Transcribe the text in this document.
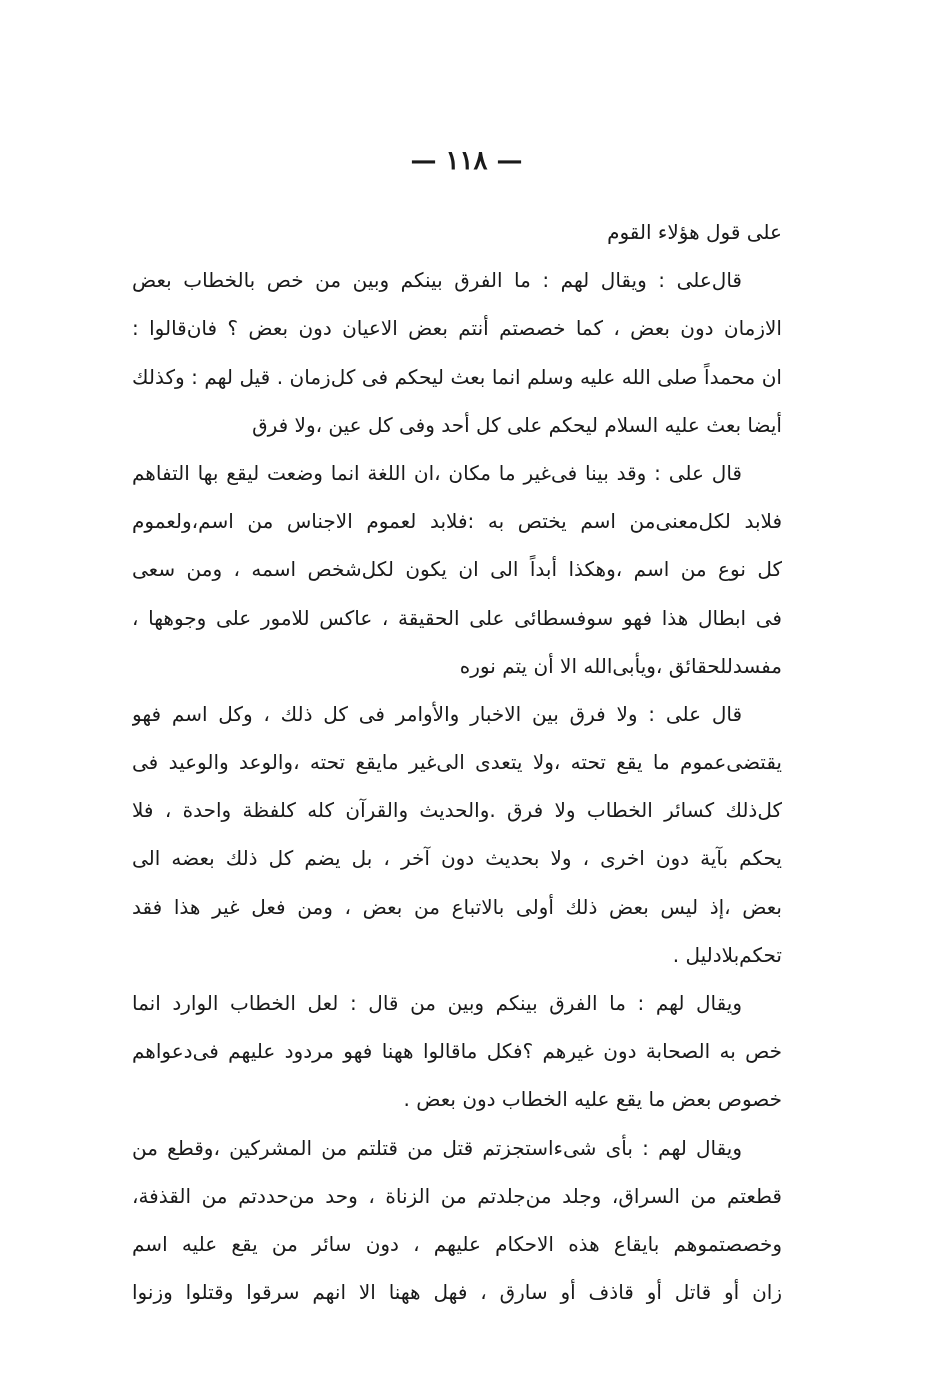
— ١١٨ —
على قول هؤلاء القوم
قال‌على : ويقال لهم : ما الفرق بينكم وبين من خص بالخطاب بعض
الازمان دون بعض ، كما خصصتم أنتم بعض الاعيان دون بعض ؟ فان‌قالوا :
ان محمداً صلى الله عليه وسلم انما بعث ليحكم فى كل‌زمان . قيل لهم : وكذلك
أيضا بعث عليه السلام ليحكم على كل أحد وفى كل عين ،ولا فرق
قال على : وقد بينا فى‌غير ما مكان ،ان اللغة انما وضعت ليقع بها التفاهم
فلابد لكل‌معنى‌من اسم يختص به :فلابد لعموم الاجناس من اسم،ولعموم
كل نوع من اسم ،وهكذا أبداً الى ان يكون لكل‌شخص اسمه ، ومن سعى
فى ابطال هذا فهو سوفسطائى على الحقيقة ، عاكس للامور على وجوهها ،
مفسدللحقائق ،ويأبى‌الله الا أن يتم نوره
قال على : ولا فرق بين الاخبار والأوامر فى كل ذلك ، وكل اسم فهو
يقتضى‌عموم ما يقع تحته ،ولا يتعدى الى‌غير مايقع تحته ،والوعد والوعيد فى
كل‌ذلك كسائر الخطاب ولا فرق .والحديث والقرآن كله كلفظة واحدة ، فلا
يحكم بآية دون اخرى ، ولا بحديث دون آخر ، بل يضم كل ذلك بعضه الى
بعض ،إذ ليس بعض ذلك أولى بالاتباع من بعض ، ومن فعل غير هذا فقد
تحكم‌بلادليل .
ويقال لهم : ما الفرق بينكم وبين من قال : لعل الخطاب الوارد انما
خص به الصحابة دون غيرهم ؟فكل ماقالوا ههنا فهو مردود عليهم فى‌دعواهم
خصوص بعض ما يقع عليه الخطاب دون بعض .
ويقال لهم : بأى شىء‌استجزتم قتل من قتلتم من المشركين ،وقطع من
قطعتم من السراق، وجلد من‌جلدتم من الزناة ، وحد من‌حددتم من القذفة،
وخصصتموهم بايقاع هذه الاحكام عليهم ، دون سائر من يقع عليه اسم
زان أو قاتل أو قاذف أو سارق ، فهل ههنا الا انهم سرقوا وقتلوا وزنوا
